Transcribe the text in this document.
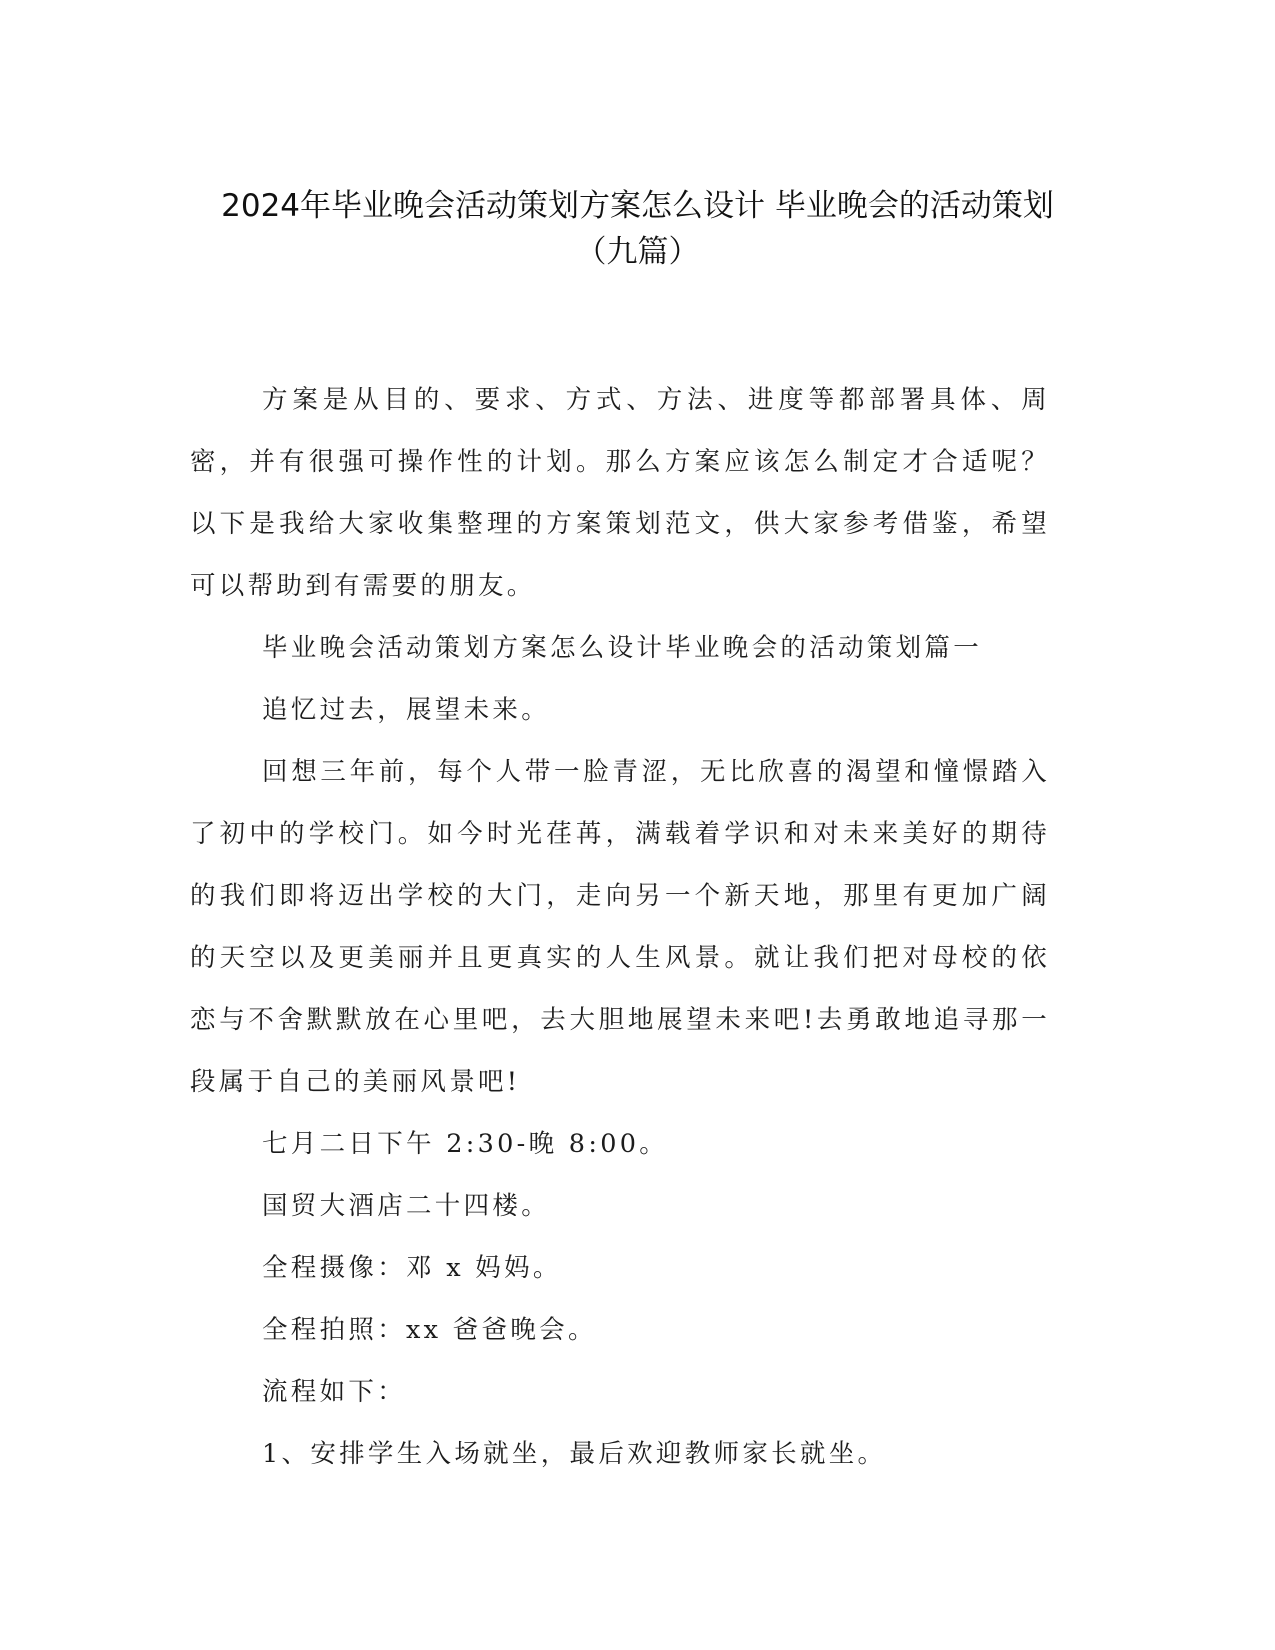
2024年毕业晚会活动策划方案怎么设计 毕业晚会的活动策划
（九篇）

方案是从目的、要求、方式、方法、进度等都部署具体、周密，并有很强可操作性的计划。那么方案应该怎么制定才合适呢？以下是我给大家收集整理的方案策划范文，供大家参考借鉴，希望可以帮助到有需要的朋友。

毕业晚会活动策划方案怎么设计毕业晚会的活动策划篇一

追忆过去，展望未来。

回想三年前，每个人带一脸青涩，无比欣喜的渴望和憧憬踏入了初中的学校门。如今时光荏苒，满载着学识和对未来美好的期待的我们即将迈出学校的大门，走向另一个新天地，那里有更加广阔的天空以及更美丽并且更真实的人生风景。就让我们把对母校的依恋与不舍默默放在心里吧，去大胆地展望未来吧!去勇敢地追寻那一段属于自己的美丽风景吧!

七月二日下午 2:30-晚 8:00。

国贸大酒店二十四楼。

全程摄像：邓 x 妈妈。

全程拍照：xx 爸爸晚会。

流程如下：

1、安排学生入场就坐，最后欢迎教师家长就坐。
